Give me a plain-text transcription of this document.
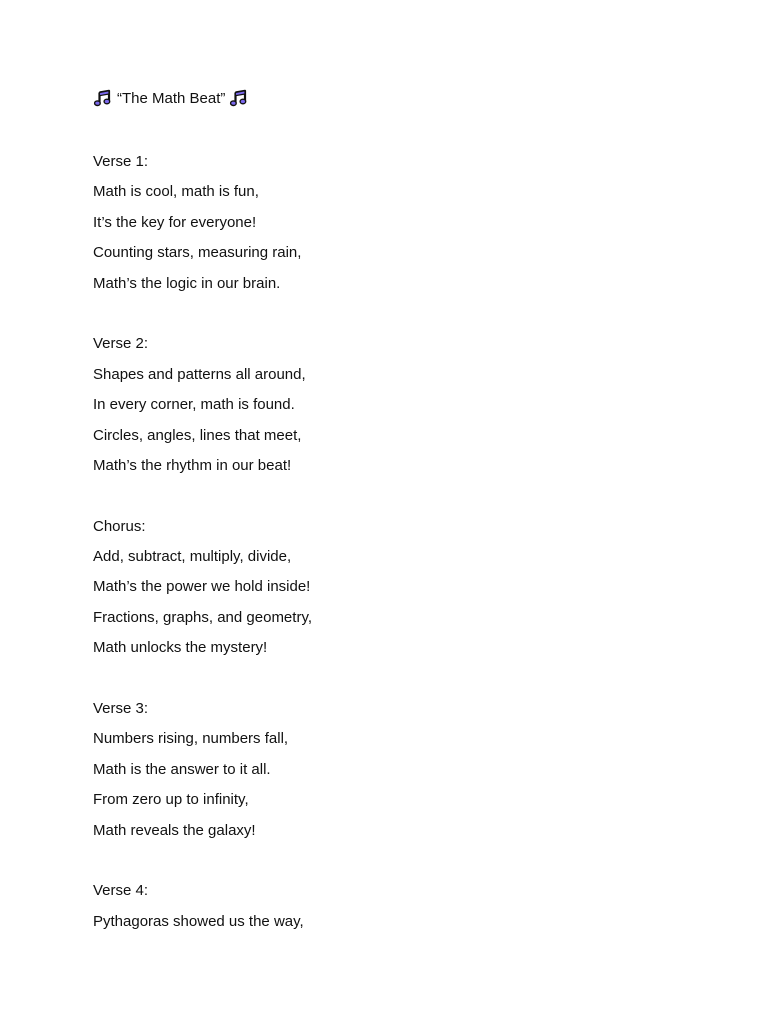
“The Math Beat”
Verse 1:
Math is cool, math is fun,
It’s the key for everyone!
Counting stars, measuring rain,
Math’s the logic in our brain.
Verse 2:
Shapes and patterns all around,
In every corner, math is found.
Circles, angles, lines that meet,
Math’s the rhythm in our beat!
Chorus:
Add, subtract, multiply, divide,
Math’s the power we hold inside!
Fractions, graphs, and geometry,
Math unlocks the mystery!
Verse 3:
Numbers rising, numbers fall,
Math is the answer to it all.
From zero up to infinity,
Math reveals the galaxy!
Verse 4:
Pythagoras showed us the way,
